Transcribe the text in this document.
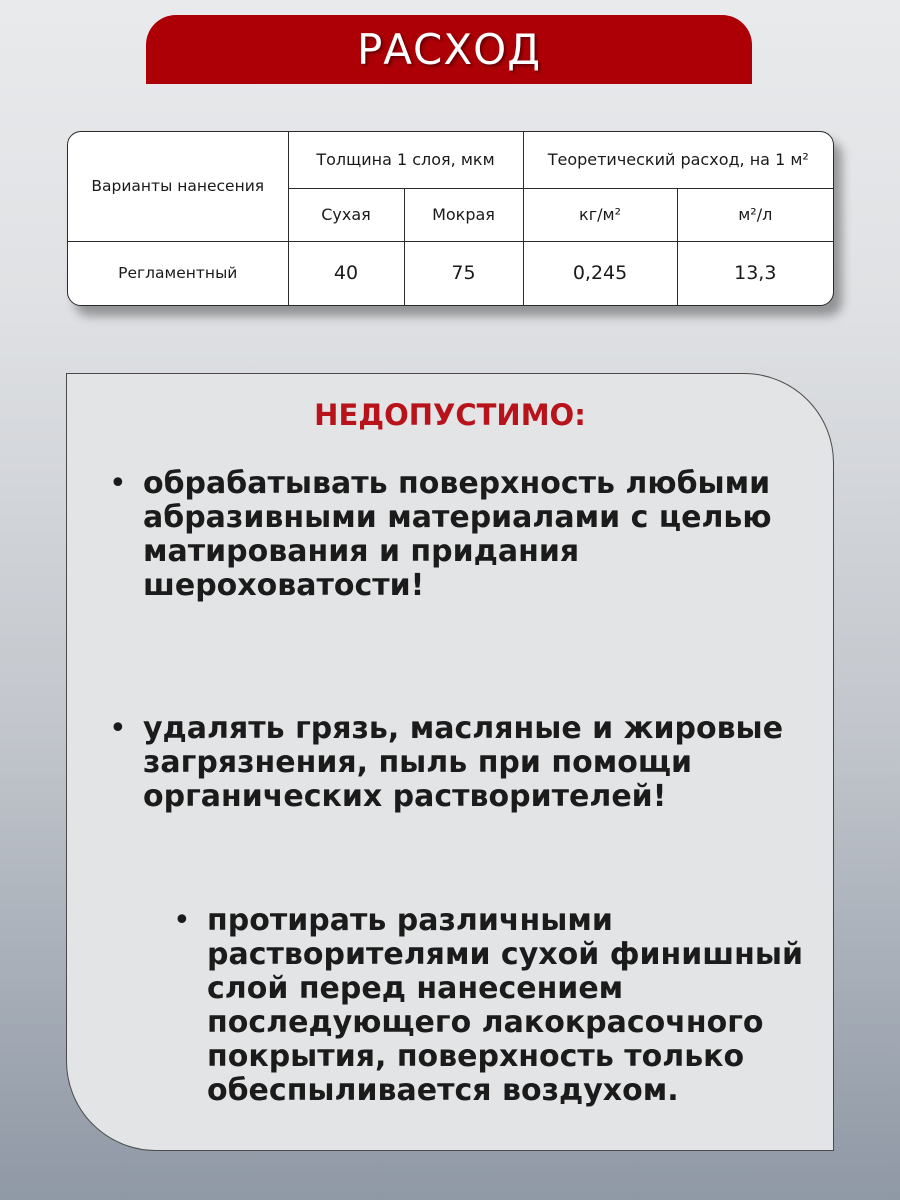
РАСХОД
Варианты нанесения	Толщина 1 слоя, мкм		Теоретический расход, на 1 м²	
	Сухая	Мокрая	кг/м²	м²/л
Регламентный	40	75	0,245	13,3
НЕДОПУСТИМО:
• обрабатывать поверхность любыми абразивными материалами с целью матирования и придания шероховатости!
• удалять грязь, масляные и жировые загрязнения, пыль при помощи органических растворителей!
• протирать различными растворителями сухой финишный слой перед нанесением последующего лакокрасочного покрытия, поверхность только обеспыливается воздухом.
